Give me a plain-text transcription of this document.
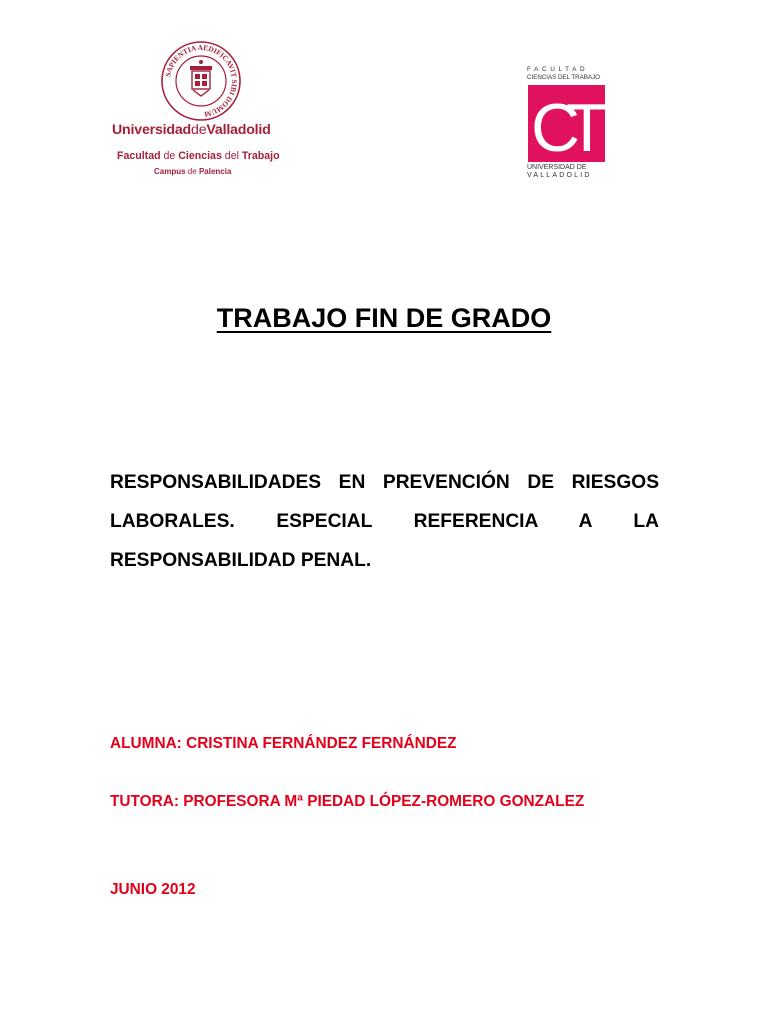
SAPIENTIA AEDIFICAVIT SIBI DOMUM
UniversidaddeValladolid
Facultad de Ciencias del Trabajo
Campus de Palencia
FACULTAD
CIENCIAS DEL TRABAJO
CT
UNIVERSIDAD DE
VALLADOLID
TRABAJO FIN DE GRADO
RESPONSABILIDADES EN PREVENCIÓN DE RIESGOS LABORALES. ESPECIAL REFERENCIA A LA RESPONSABILIDAD PENAL.
ALUMNA: CRISTINA FERNÁNDEZ FERNÁNDEZ
TUTORA: PROFESORA Mª PIEDAD LÓPEZ-ROMERO GONZALEZ
JUNIO 2012
